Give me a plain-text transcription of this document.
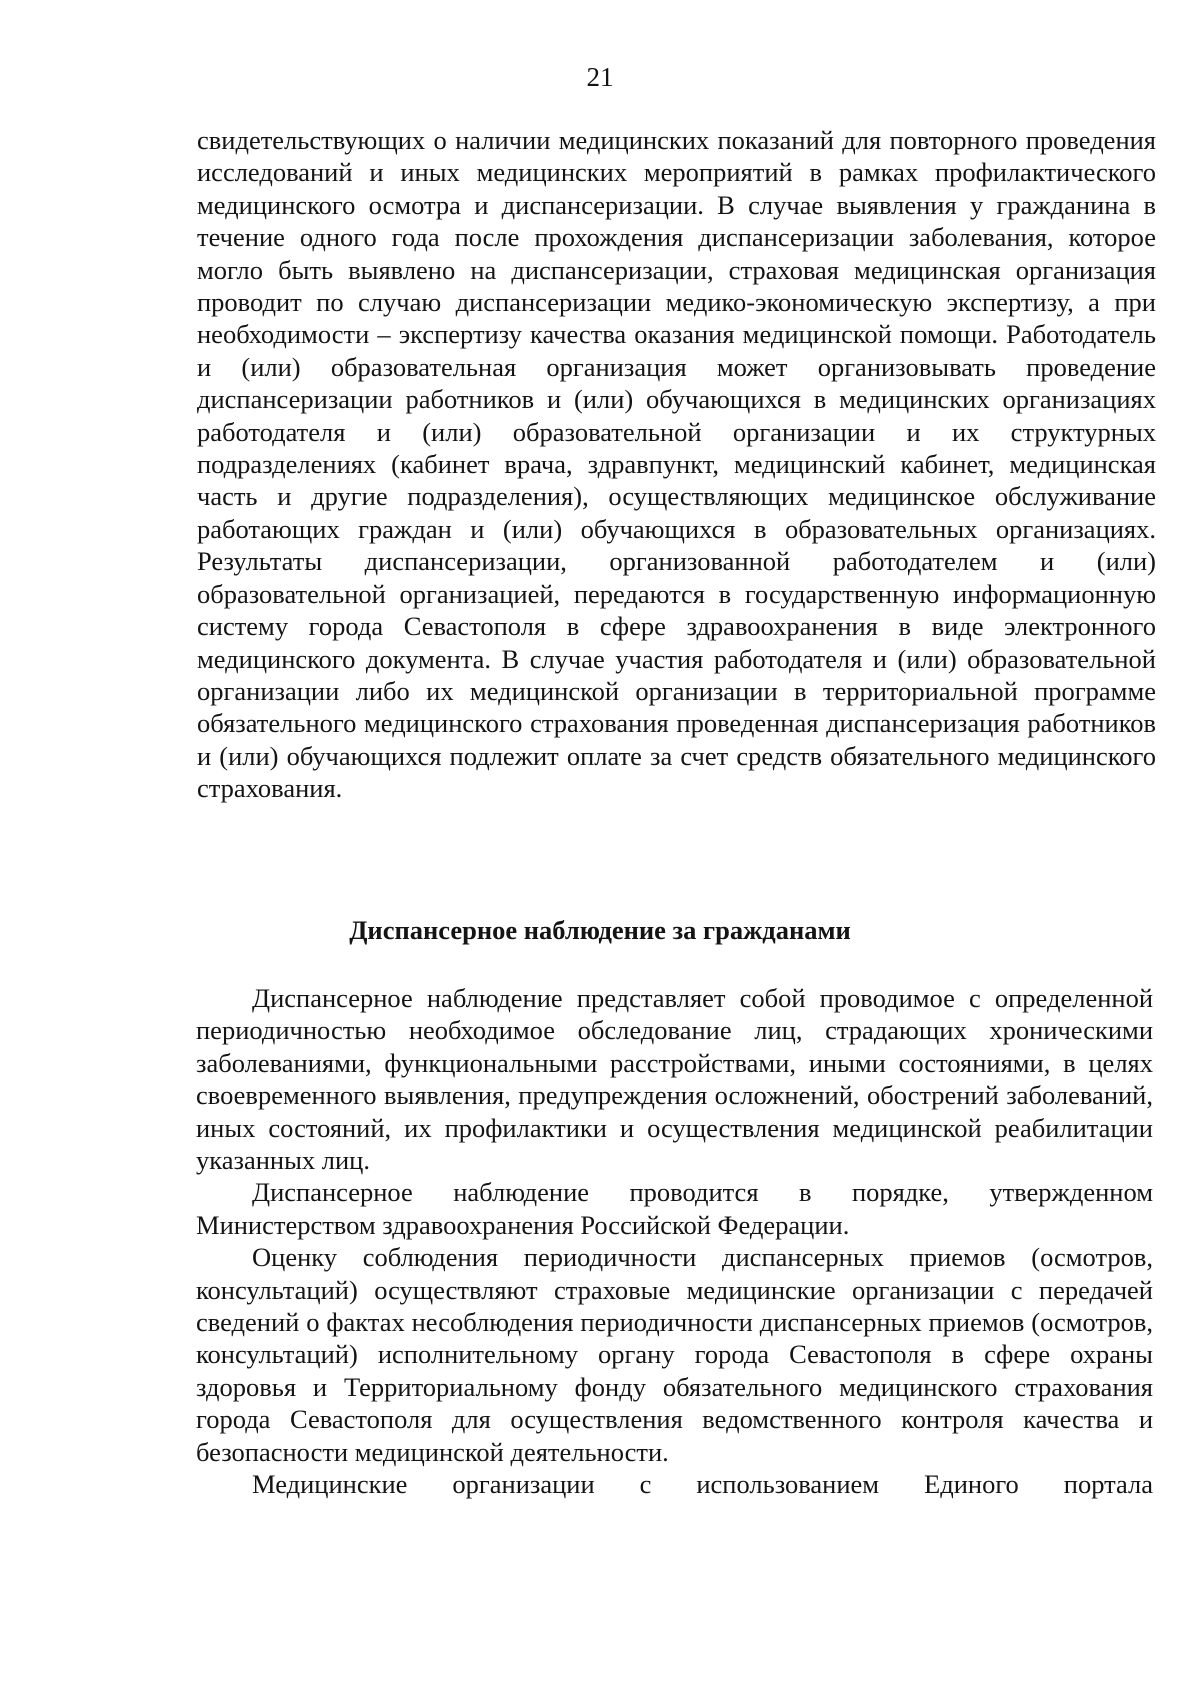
21

свидетельствующих о наличии медицинских показаний для повторного проведения исследований и иных медицинских мероприятий в рамках профилактического медицинского осмотра и диспансеризации. В случае выявления у гражданина в течение одного года после прохождения диспансеризации заболевания, которое могло быть выявлено на диспансеризации, страховая медицинская организация проводит по случаю диспансеризации медико-экономическую экспертизу, а при необходимости – экспертизу качества оказания медицинской помощи. Работодатель и (или) образовательная организация может организовывать проведение диспансеризации работников и (или) обучающихся в медицинских организациях работодателя и (или) образовательной организации и их структурных подразделениях (кабинет врача, здравпункт, медицинский кабинет, медицинская часть и другие подразделения), осуществляющих медицинское обслуживание работающих граждан и (или) обучающихся в образовательных организациях. Результаты диспансеризации, организованной работодателем и (или) образовательной организацией, передаются в государственную информационную систему города Севастополя в сфере здравоохранения в виде электронного медицинского документа. В случае участия работодателя и (или) образовательной организации либо их медицинской организации в территориальной программе обязательного медицинского страхования проведенная диспансеризация работников и (или) обучающихся подлежит оплате за счет средств обязательного медицинского страхования.

Диспансерное наблюдение за гражданами

Диспансерное наблюдение представляет собой проводимое с определенной периодичностью необходимое обследование лиц, страдающих хроническими заболеваниями, функциональными расстройствами, иными состояниями, в целях своевременного выявления, предупреждения осложнений, обострений заболеваний, иных состояний, их профилактики и осуществления медицинской реабилитации указанных лиц.

Диспансерное наблюдение проводится в порядке, утвержденном Министерством здравоохранения Российской Федерации.

Оценку соблюдения периодичности диспансерных приемов (осмотров, консультаций) осуществляют страховые медицинские организации с передачей сведений о фактах несоблюдения периодичности диспансерных приемов (осмотров, консультаций) исполнительному органу города Севастополя в сфере охраны здоровья и Территориальному фонду обязательного медицинского страхования города Севастополя для осуществления ведомственного контроля качества и безопасности медицинской деятельности.

Медицинские организации с использованием Единого портала
